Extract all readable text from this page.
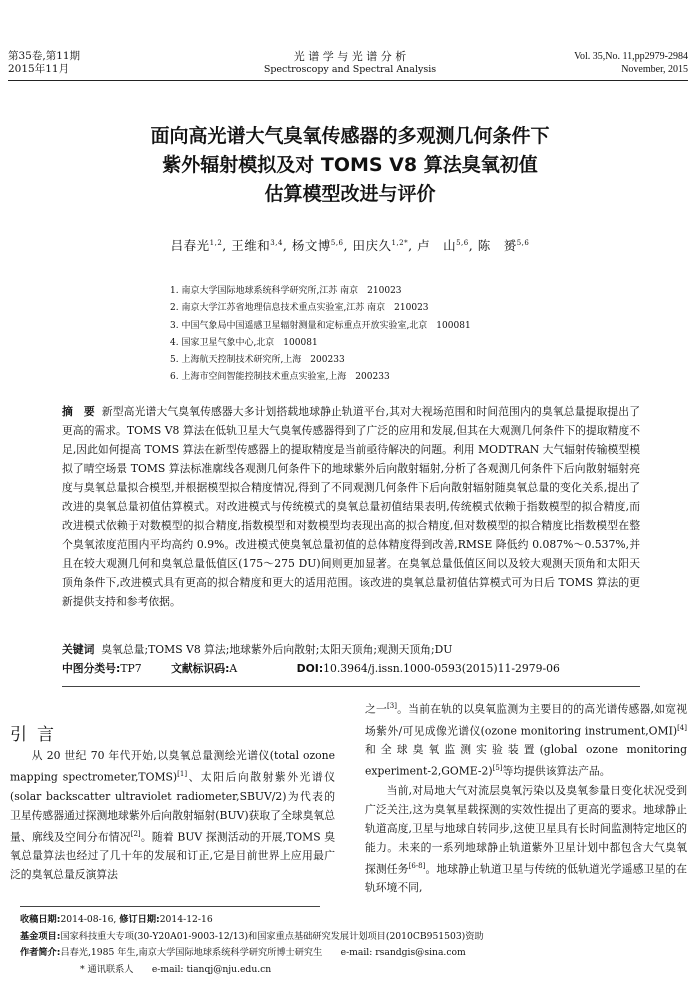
第35卷,第11期
2015年11月
光 谱 学 与 光 谱 分 析
Spectroscopy and Spectral Analysis
Vol. 35,No. 11,pp2979-2984
November, 2015
面向高光谱大气臭氧传感器的多观测几何条件下
紫外辐射模拟及对 TOMS V8 算法臭氧初值
估算模型改进与评价
吕春光$^{1,2}$, 王维和$^{3,4}$, 杨文博$^{5,6}$, 田庆久$^{1,2*}$, 卢　山$^{5,6}$, 陈　赟$^{5,6}$
1. 南京大学国际地球系统科学研究所,江苏 南京　210023
2. 南京大学江苏省地理信息技术重点实验室,江苏 南京　210023
3. 中国气象局中国遥感卫星辐射测量和定标重点开放实验室,北京　100081
4. 国家卫星气象中心,北京　100081
5. 上海航天控制技术研究所,上海　200233
6. 上海市空间智能控制技术重点实验室,上海　200233
摘　要 新型高光谱大气臭氧传感器大多计划搭载地球静止轨道平台,其对大视场范围和时间范围内的臭氧总量提取提出了更高的需求。TOMS V8 算法在低轨卫星大气臭氧传感器得到了广泛的应用和发展,但其在大观测几何条件下的提取精度不足,因此如何提高 TOMS 算法在新型传感器上的提取精度是当前亟待解决的问题。利用 MODTRAN 大气辐射传输模型模拟了晴空场景 TOMS 算法标准廓线各观测几何条件下的地球紫外后向散射辐射,分析了各观测几何条件下后向散射辐射亮度与臭氧总量拟合模型,并根据模型拟合精度情况,得到了不同观测几何条件下后向散射辐射随臭氧总量的变化关系,提出了改进的臭氧总量初值估算模式。对改进模式与传统模式的臭氧总量初值结果表明,传统模式依赖于指数模型的拟合精度,而改进模式依赖于对数模型的拟合精度,指数模型和对数模型均表现出高的拟合精度,但对数模型的拟合精度比指数模型在整个臭氧浓度范围内平均高约 0.9%。改进模式使臭氧总量初值的总体精度得到改善,RMSE 降低约 0.087%～0.537%,并且在较大观测几何和臭氧总量低值区(175～275 DU)间则更加显著。在臭氧总量低值区间以及较大观测天顶角和太阳天顶角条件下,改进模式具有更高的拟合精度和更大的适用范围。该改进的臭氧总量初值估算模式可为日后 TOMS 算法的更新提供支持和参考依据。
关键词 臭氧总量;TOMS V8 算法;地球紫外后向散射;太阳天顶角;观测天顶角;DU
中图分类号:TP7	文献标识码:A	DOI:10.3964/j.issn.1000-0593(2015)11-2979-06
引言
从 20 世纪 70 年代开始,以臭氧总量测绘光谱仪(total ozone mapping spectrometer,TOMS)[1]、太阳后向散射紫外光谱仪(solar backscatter ultraviolet radiometer,SBUV/2)为代表的卫星传感器通过探测地球紫外后向散射辐射(BUV)获取了全球臭氧总量、廓线及空间分布情况[2]。随着 BUV 探测活动的开展,TOMS 臭氧总量算法也经过了几十年的发展和订正,它是目前世界上应用最广泛的臭氧总量反演算法
之一[3]。当前在轨的以臭氧监测为主要目的的高光谱传感器,如宽视场紫外/可见成像光谱仪(ozone monitoring instrument,OMI)[4]和全球臭氧监测实验装置(global ozone monitoring experiment-2,GOME-2)[5]等均提供该算法产品。
当前,对局地大气对流层臭氧污染以及臭氧参量日变化状况受到广泛关注,这为臭氧星载探测的实效性提出了更高的要求。地球静止轨道高度,卫星与地球自转同步,这使卫星具有长时间监测特定地区的能力。未来的一系列地球静止轨道紫外卫星计划中都包含大气臭氧探测任务[6-8]。地球静止轨道卫星与传统的低轨道光学遥感卫星的在轨环境不同,
收稿日期:2014-08-16, 修订日期:2014-12-16
基金项目:国家科技重大专项(30-Y20A01-9003-12/13)和国家重点基础研究发展计划项目(2010CB951503)资助
作者简介:吕春光,1985 年生,南京大学国际地球系统科学研究所博士研究生　　e-mail: rsandgis@sina.com
* 通讯联系人　　e-mail: tianqj@nju.edu.cn
